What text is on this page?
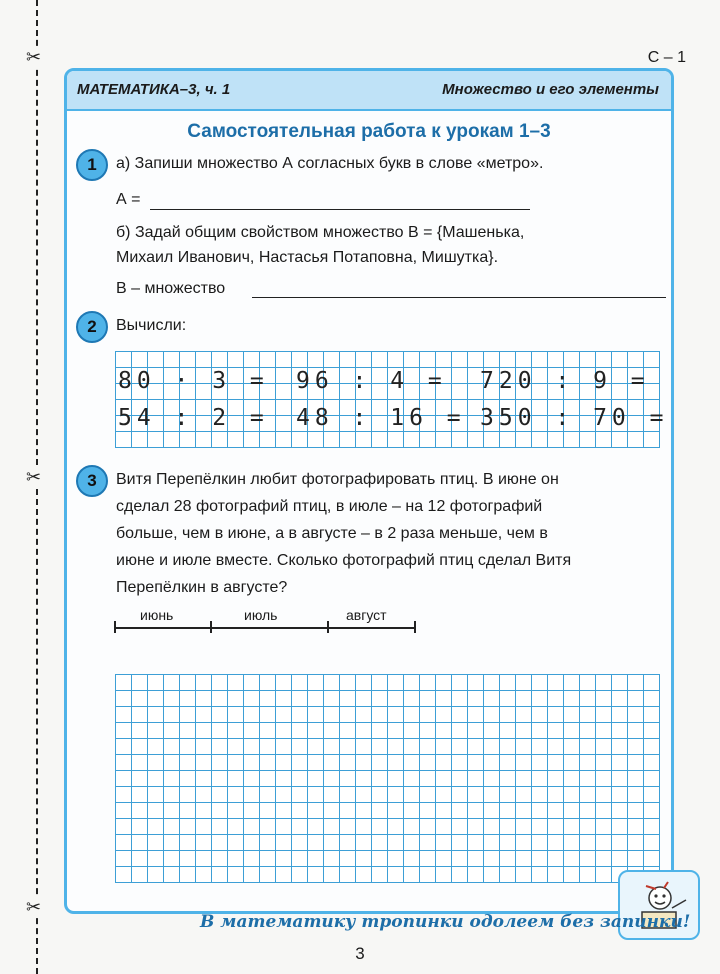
✂
✂
✂
С – 1
МАТЕМАТИКА–3, ч. 1	Множество и его элементы
Самостоятельная работа к урокам 1–3
1	а) Запиши множество А согласных букв в слове «метро».
А =
б) Задай общим свойством множество В = {Машенька,
Михаил Иванович, Настасья Потаповна, Мишутка}.
В – множество
2	Вычисли:
80 · 3 = 96 : 4 = 720 : 9 =
54 : 2 = 48 : 16 = 350 : 70 =
3	Витя Перепёлкин любит фотографировать птиц. В июне он
сделал 28 фотографий птиц, в июле – на 12 фотографий
больше, чем в июне, а в августе – в 2 раза меньше, чем в
июне и июле вместе. Сколько фотографий птиц сделал Витя
Перепёлкин в августе?
июнь	июль	август
В математику тропинки одолеем без запинки!
3
